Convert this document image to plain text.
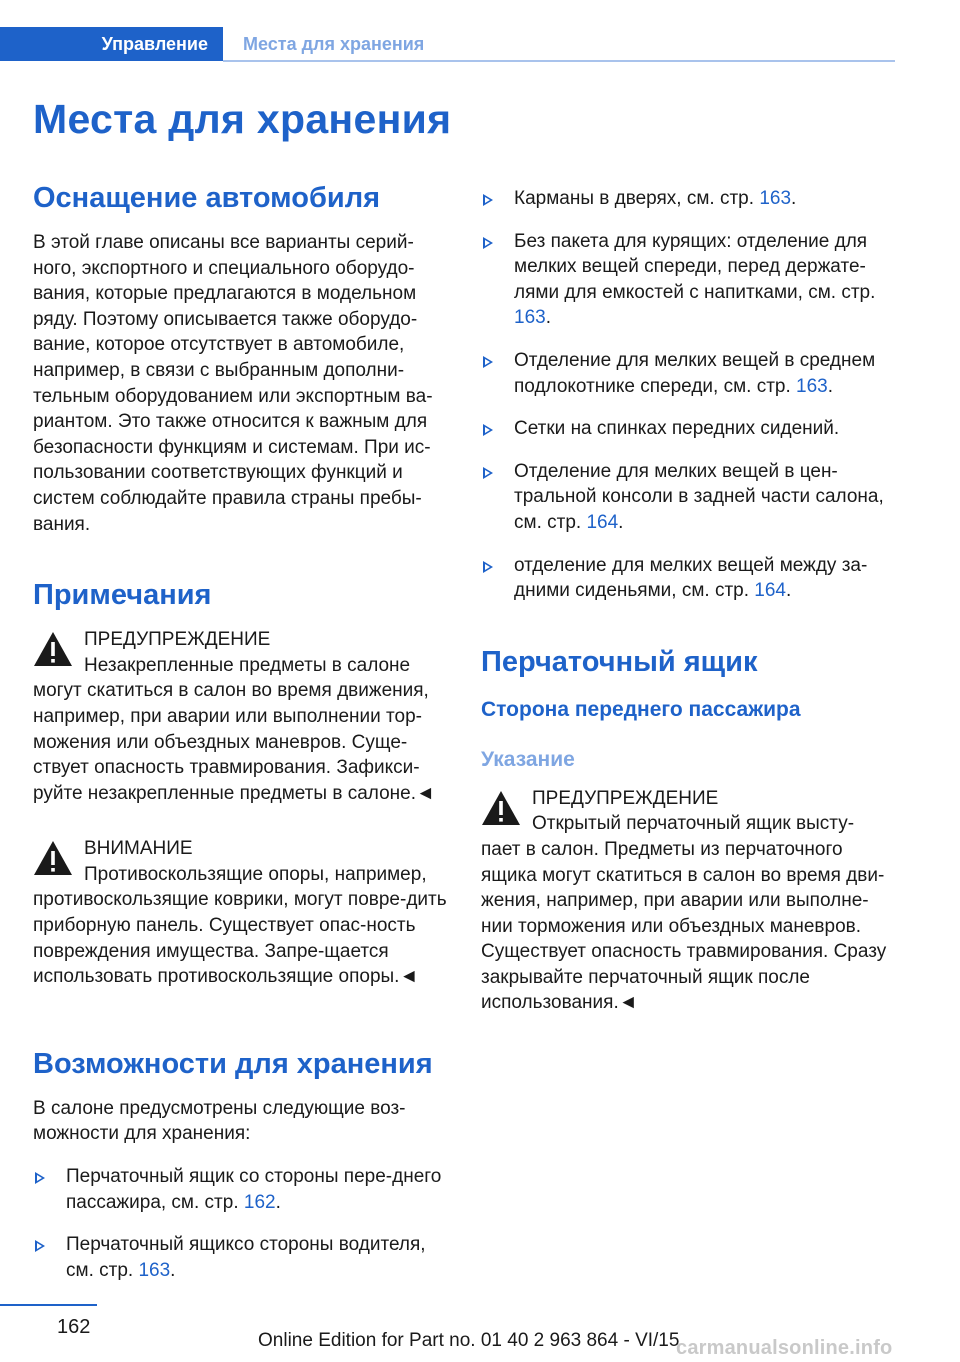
Управление Места для хранения
Места для хранения
Оснащение автомобиля

В этой главе описаны все варианты серий-ного, экспортного и специального оборудо-вания, которые предлагаются в модельном ряду. Поэтому описывается также оборудо-вание, которое отсутствует в автомобиле, например, в связи с выбранным дополни-тельным оборудованием или экспортным ва-риантом. Это также относится к важным для безопасности функциям и системам. При ис-пользовании соответствующих функций и систем соблюдайте правила страны пребы-вания.

Примечания
ПРЕДУПРЕЖДЕНИЕ
Незакрепленные предметы в салоне
могут скатиться в салон во время движения, например, при аварии или выполнении тор-можения или объездных маневров. Суще-ствует опасность травмирования. Зафикси-руйте незакрепленные предметы в салоне.◄
ВНИМАНИЕ
Противоскользящие опоры, например,
противоскользящие коврики, могут повре-дить приборную панель. Существует опас-ность повреждения имущества. Запре-щается использовать противоскользящие опоры.◄
Возможности для хранения

В салоне предусмотрены следующие воз-можности для хранения:

Перчаточный ящик со стороны пере-днего пассажира, см. стр. 162.
Перчаточный ящиксо стороны водителя, см. стр. 163.
Карманы в дверях, см. стр. 163.
Без пакета для курящих: отделение для мелких вещей спереди, перед держате-лями для емкостей с напитками, см. стр. 163.
Отделение для мелких вещей в среднем подлокотнике спереди, см. стр. 163.
Сетки на спинках передних сидений.
Отделение для мелких вещей в цен-тральной консоли в задней части салона, см. стр. 164.
отделение для мелких вещей между за-дними сиденьями, см. стр. 164.
Перчаточный ящик
Сторона переднего пассажира
Указание
ПРЕДУПРЕЖДЕНИЕ
Открытый перчаточный ящик высту-
пает в салон. Предметы из перчаточного ящика могут скатиться в салон во время дви-жения, например, при аварии или выполне-нии торможения или объездных маневров. Существует опасность травмирования. Сразу закрывайте перчаточный ящик после использования.◄
162
Online Edition for Part no. 01 40 2 963 864 - VI/15
carmanualsonline.info
